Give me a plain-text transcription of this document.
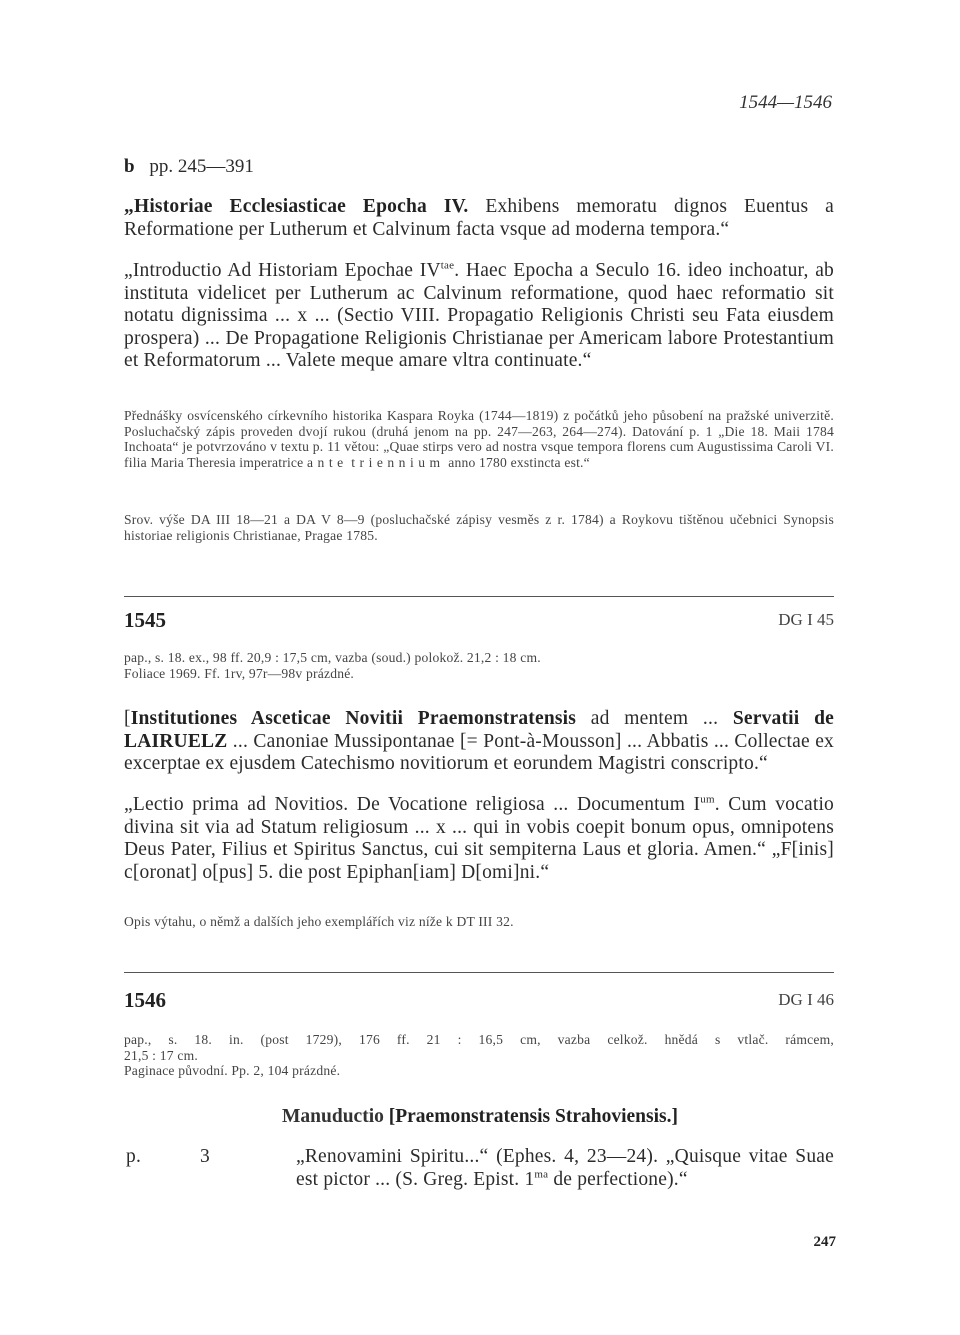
1544—1546
b pp. 245—391
„Historiae Ecclesiasticae Epocha IV. Exhibens memoratu dignos Euentus a Reformatione per Lutherum et Calvinum facta vsque ad moderna tempora.“
„Introductio Ad Historiam Epochae $IV^{tae}$. Haec Epocha a Seculo 16. ideo inchoatur, ab instituta videlicet per Lutherum ac Calvinum reformatione, quod haec reformatio sit notatu dignissima ... x ... (Sectio VIII. Propagatio Religionis Christi seu Fata eiusdem prospera) ... De Propagatione Religionis Christianae per Americam labore Protestantium et Reformatorum ... Valete meque amare vltra continuate.“
Přednášky osvícenského církevního historika Kaspara Royka (1744—1819) z počátků jeho působení na pražské univerzitě. Posluchačský zápis proveden dvojí rukou (druhá jenom na pp. 247—263, 264—274). Datování p. 1 „Die 18. Maii 1784 Inchoata“ je potvrzováno v textu p. 11 větou: „Quae stirps vero ad nostra vsque tempora florens cum Augustissima Caroli VI. filia Maria Theresia imperatrice ante triennium anno 1780 exstincta est.“
Srov. výše DA III 18—21 a DA V 8—9 (posluchačské zápisy vesměs z r. 1784) a Roykovu tištěnou učebnici Synopsis historiae religionis Christianae, Pragae 1785.
1545	DG I 45
pap., s. 18. ex., 98 ff. 20,9 : 17,5 cm, vazba (soud.) polokož. 21,2 : 18 cm.
Foliace 1969. Ff. 1rv, 97r—98v prázdné.
[Institutiones Asceticae Novitii Praemonstratensis ad mentem ... Servatii de LAIRUELZ ... Canoniae Mussipontanae [= Pont-à-Mousson] ... Abbatis ... Collectae ex excerptae ex ejusdem Catechismo novitiorum et eorundem Magistri conscripto.“
„Lectio prima ad Novitios. De Vocatione religiosa ... Documentum $I^{um}$. Cum vocatio divina sit via ad Statum religiosum ... x ... qui in vobis coepit bonum opus, omnipotens Deus Pater, Filius et Spiritus Sanctus, cui sit sempiterna Laus et gloria. Amen.“ „F[inis] c[oronat] o[pus] 5. die post Epiphan[iam] D[omi]ni.“
Opis výtahu, o němž a dalších jeho exemplářích viz níže k DT III 32.
1546	DG I 46
pap., s. 18. in. (post 1729), 176 ff. 21 : 16,5 cm, vazba celkož. hnědá s vtlač. rámcem,
21,5 : 17 cm.
Paginace původní. Pp. 2, 104 prázdné.
Manuductio [Praemonstratensis Strahoviensis.]
p.	3	„Renovamini Spiritu...“ (Ephes. 4, 23—24). „Quisque vitae Suae est pictor ... (S. Greg. Epist. $1^{ma}$ de perfectione).“
247
